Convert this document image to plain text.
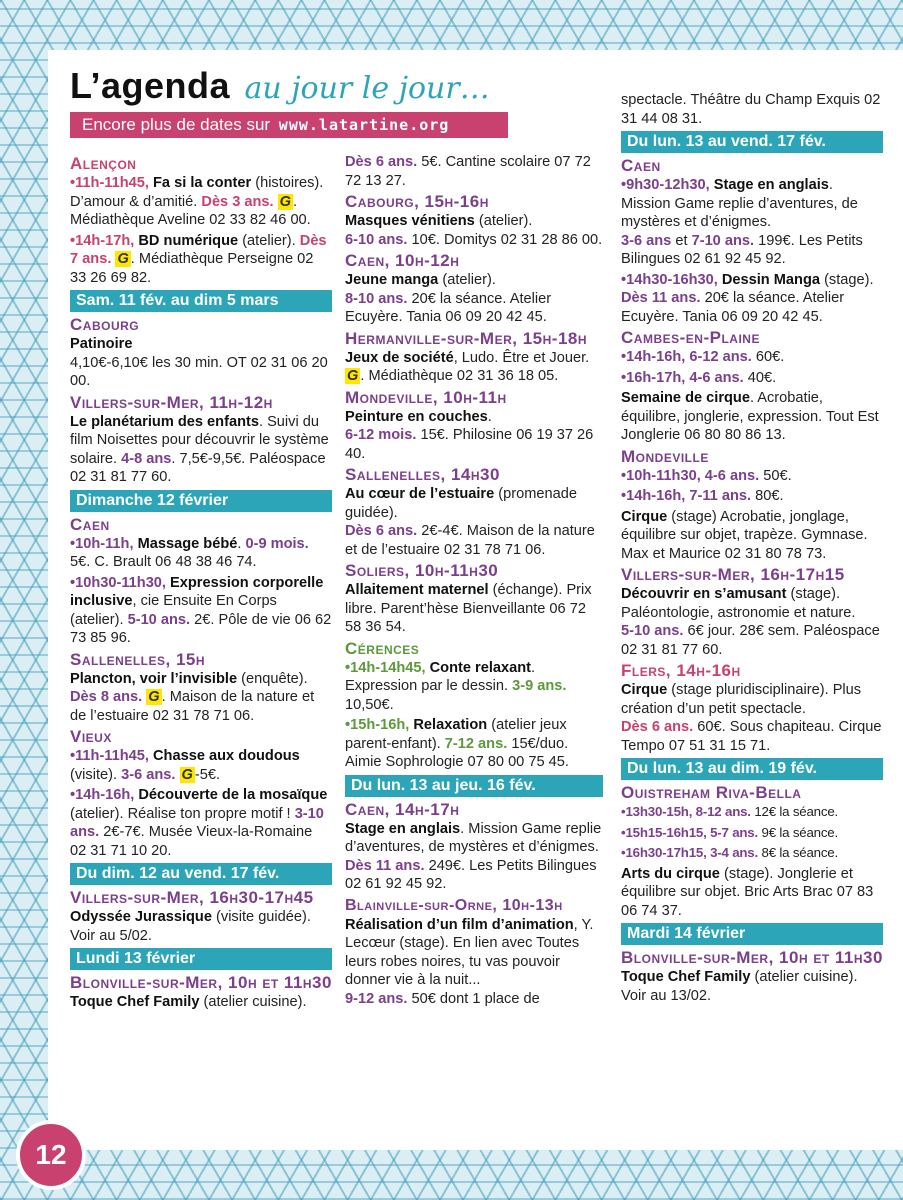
L’agenda au jour le jour…
Encore plus de dates sur www.latartine.org
Alençon
•11h-11h45, Fa si la conter (histoires). D’amour & d’amitié. Dès 3 ans. G . Médiathèque Aveline 02 33 82 46 00.
•14h-17h, BD numérique (atelier). Dès 7 ans. G . Médiathèque Perseigne 02 33 26 69 82.
Sam. 11 fév. au dim 5 mars
Cabourg
Patinoire
4,10€-6,10€ les 30 min. OT 02 31 06 20 00.
Villers-sur-Mer, 11h-12h
Le planétarium des enfants. Suivi du film Noisettes pour découvrir le système solaire. 4-8 ans. 7,5€-9,5€. Paléospace 02 31 81 77 60.
Dimanche 12 février
Caen
•10h-11h, Massage bébé. 0-9 mois. 5€. C. Brault 06 48 38 46 74.
•10h30-11h30, Expression corporelle inclusive, cie Ensuite En Corps (atelier). 5-10 ans. 2€. Pôle de vie 06 62 73 85 96.
Sallenelles, 15h
Plancton, voir l’invisible (enquête).
Dès 8 ans. G . Maison de la nature et de l’estuaire 02 31 78 71 06.
Vieux
•11h-11h45, Chasse aux doudous (visite). 3-6 ans. G -5€.
•14h-16h, Découverte de la mosaïque (atelier). Réalise ton propre motif ! 3-10 ans. 2€-7€. Musée Vieux-la-Romaine 02 31 71 10 20.
Du dim. 12 au vend. 17 fév.
Villers-sur-Mer, 16h30-17h45
Odyssée Jurassique (visite guidée). Voir au 5/02.
Lundi 13 février
Blonville-sur-Mer, 10h et 11h30
Toque Chef Family (atelier cuisine).
Dès 6 ans. 5€. Cantine scolaire 07 72 72 13 27.
Cabourg, 15h-16h
Masques vénitiens (atelier).
6-10 ans. 10€. Domitys 02 31 28 86 00.
Caen, 10h-12h
Jeune manga (atelier).
8-10 ans. 20€ la séance. Atelier Ecuyère. Tania 06 09 20 42 45.
Hermanville-sur-Mer, 15h-18h
Jeux de société, Ludo. Être et Jouer.
G . Médiathèque 02 31 36 18 05.
Mondeville, 10h-11h
Peinture en couches.
6-12 mois. 15€. Philosine 06 19 37 26 40.
Sallenelles, 14h30
Au cœur de l’estuaire (promenade guidée).
Dès 6 ans. 2€-4€. Maison de la nature et de l’estuaire 02 31 78 71 06.
Soliers, 10h-11h30
Allaitement maternel (échange). Prix libre. Parent’hèse Bienveillante 06 72 58 36 54.
Cérences
•14h-14h45, Conte relaxant. Expression par le dessin. 3-9 ans. 10,50€.
•15h-16h, Relaxation (atelier jeux parent-enfant). 7-12 ans. 15€/duo. Aimie Sophrologie 07 80 00 75 45.
Du lun. 13 au jeu. 16 fév.
Caen, 14h-17h
Stage en anglais. Mission Game replie d’aventures, de mystères et d’énigmes. Dès 11 ans. 249€. Les Petits Bilingues 02 61 92 45 92.
Blainville-sur-Orne, 10h-13h
Réalisation d’un film d’animation, Y. Lecœur (stage). En lien avec Toutes leurs robes noires, tu vas pouvoir donner vie à la nuit...
9-12 ans. 50€ dont 1 place de
spectacle. Théâtre du Champ Exquis 02 31 44 08 31.
Du lun. 13 au vend. 17 fév.
Caen
•9h30-12h30, Stage en anglais. Mission Game replie d’aventures, de mystères et d’énigmes.
3-6 ans et 7-10 ans. 199€. Les Petits Bilingues 02 61 92 45 92.
•14h30-16h30, Dessin Manga (stage). Dès 11 ans. 20€ la séance. Atelier Ecuyère. Tania 06 09 20 42 45.
Cambes-en-Plaine
•14h-16h, 6-12 ans. 60€.
•16h-17h, 4-6 ans. 40€.
Semaine de cirque. Acrobatie, équilibre, jonglerie, expression. Tout Est Jonglerie 06 80 80 86 13.
Mondeville
•10h-11h30, 4-6 ans. 50€.
•14h-16h, 7-11 ans. 80€.
Cirque (stage) Acrobatie, jonglage, équilibre sur objet, trapèze. Gymnase. Max et Maurice 02 31 80 78 73.
Villers-sur-Mer, 16h-17h15
Découvrir en s’amusant (stage). Paléontologie, astronomie et nature.
5-10 ans. 6€ jour. 28€ sem. Paléospace 02 31 81 77 60.
Flers, 14h-16h
Cirque (stage pluridisciplinaire). Plus création d’un petit spectacle.
Dès 6 ans. 60€. Sous chapiteau. Cirque Tempo 07 51 31 15 71.
Du lun. 13 au dim. 19 fév.
Ouistreham Riva-Bella
•13h30-15h, 8-12 ans. 12€ la séance.
•15h15-16h15, 5-7 ans. 9€ la séance.
•16h30-17h15, 3-4 ans. 8€ la séance.
Arts du cirque (stage). Jonglerie et équilibre sur objet. Bric Arts Brac 07 83 06 74 37.
Mardi 14 février
Blonville-sur-Mer, 10h et 11h30
Toque Chef Family (atelier cuisine). Voir au 13/02.
12
